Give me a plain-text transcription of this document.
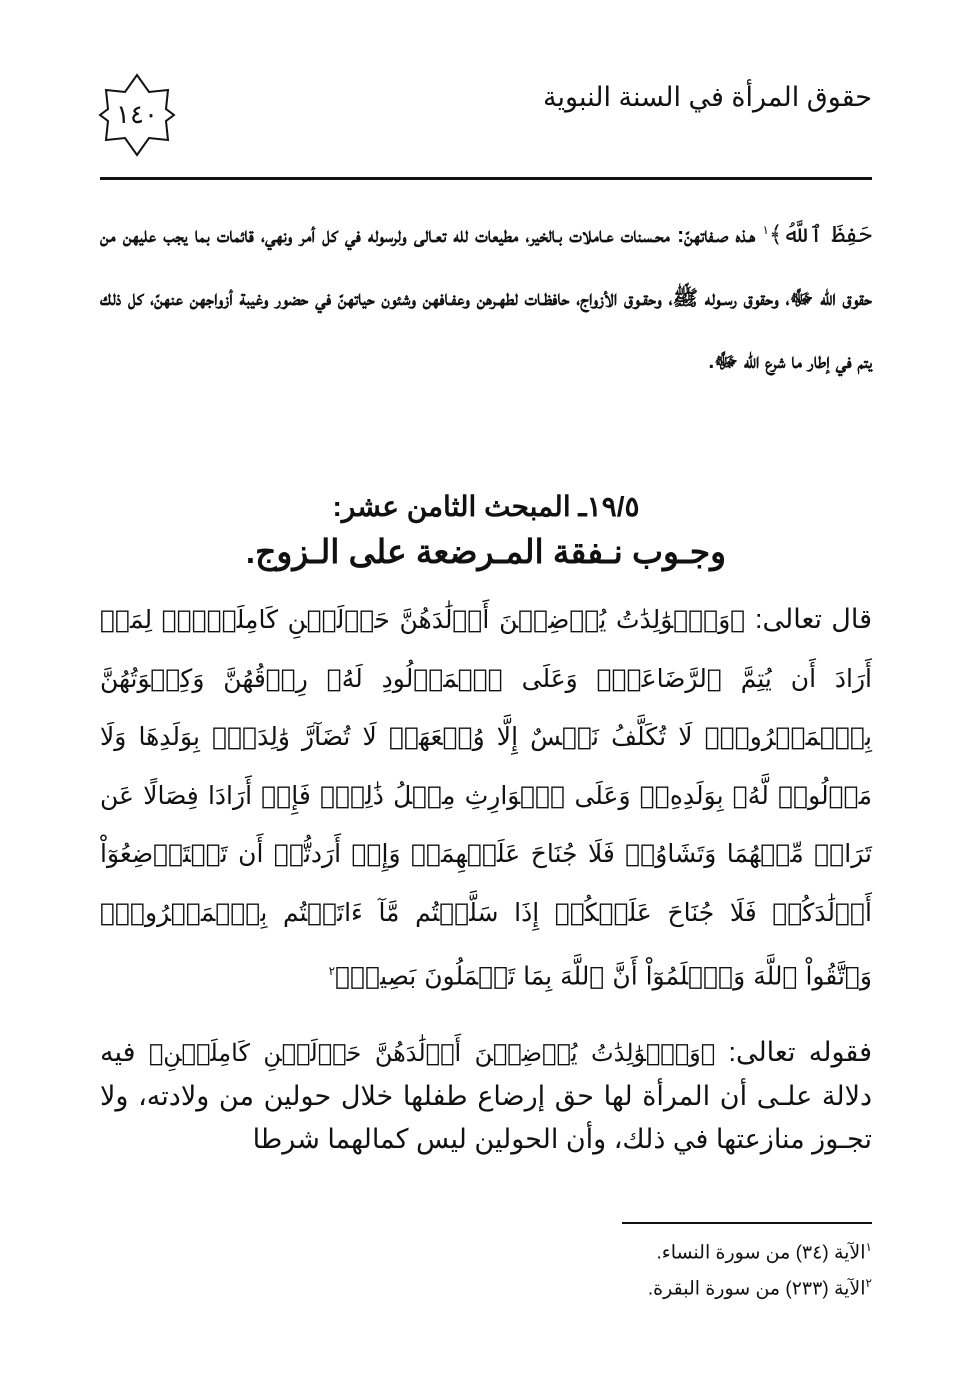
حقوق المرأة في السنة النبوية
١٤٠

حَفِظَ ٱللَّهُ﴾$^١$ هـذه صـفاتهنّ: محـسنات عـاملات بـالخير، مطيعات لله تعـالى ولرسوله في كل أمر ونهي، قائمات بما يجب عليهن من حقوق الله ﷻ، وحقوق رسـوله ﷺ، وحقـوق الأزواج، حافظـات لطهـرهن وعفـافهن وشئون حياتهنّ في حضور وغيبة أزواجهن عنهنّ، كل ذلك يتم في إطار ما شرع الله ﷻ.

١٩/٥ـ المبحث الثامن عشر:
وجـوب نـفقة المـرضعة على الـزوج.

قال تعالى: ﴿وَٱلۡوَٰلِدَٰتُ يُرۡضِعۡنَ أَوۡلَٰدَهُنَّ حَوۡلَيۡنِ كَامِلَيۡنِۖ لِمَنۡ أَرَادَ أَن يُتِمَّ ٱلرَّضَاعَةَۚ وَعَلَى ٱلۡمَوۡلُودِ لَهُۥ رِزۡقُهُنَّ وَكِسۡوَتُهُنَّ بِٱلۡمَعۡرُوفِۚ لَا تُكَلَّفُ نَفۡسٌ إِلَّا وُسۡعَهَاۚ لَا تُضَآرَّ وَٰلِدَةُۢ بِوَلَدِهَا وَلَا مَوۡلُودٞ لَّهُۥ بِوَلَدِهِۦۚ وَعَلَى ٱلۡوَارِثِ مِثۡلُ ذَٰلِكَۗ فَإِنۡ أَرَادَا فِصَالًا عَن تَرَاضٖ مِّنۡهُمَا وَتَشَاوُرٖ فَلَا جُنَاحَ عَلَيۡهِمَاۗ وَإِنۡ أَرَدتُّمۡ أَن تَسۡتَرۡضِعُوٓاْ أَوۡلَٰدَكُمۡ فَلَا جُنَاحَ عَلَيۡكُمۡ إِذَا سَلَّمۡتُم مَّآ ءَاتَيۡتُم بِٱلۡمَعۡرُوفِۗ وَٱتَّقُواْ ٱللَّهَ وَٱعۡلَمُوٓاْ أَنَّ ٱللَّهَ بِمَا تَعۡمَلُونَ بَصِيرٞ﴾$^٢$

فقوله تعالى: ﴿وَٱلۡوَٰلِدَٰتُ يُرۡضِعۡنَ أَوۡلَٰدَهُنَّ حَوۡلَيۡنِ كَامِلَيۡنِ﴾ فيه دلالة علـى أن المرأة لها حق إرضاع طفلها خلال حولين من ولادته، ولا تجـوز منازعتها في ذلك، وأن الحولين ليس كمالهما شرطا

$^١$الآية (٣٤) من سورة النساء.
$^٢$الآية (٢٣٣) من سورة البقرة.
